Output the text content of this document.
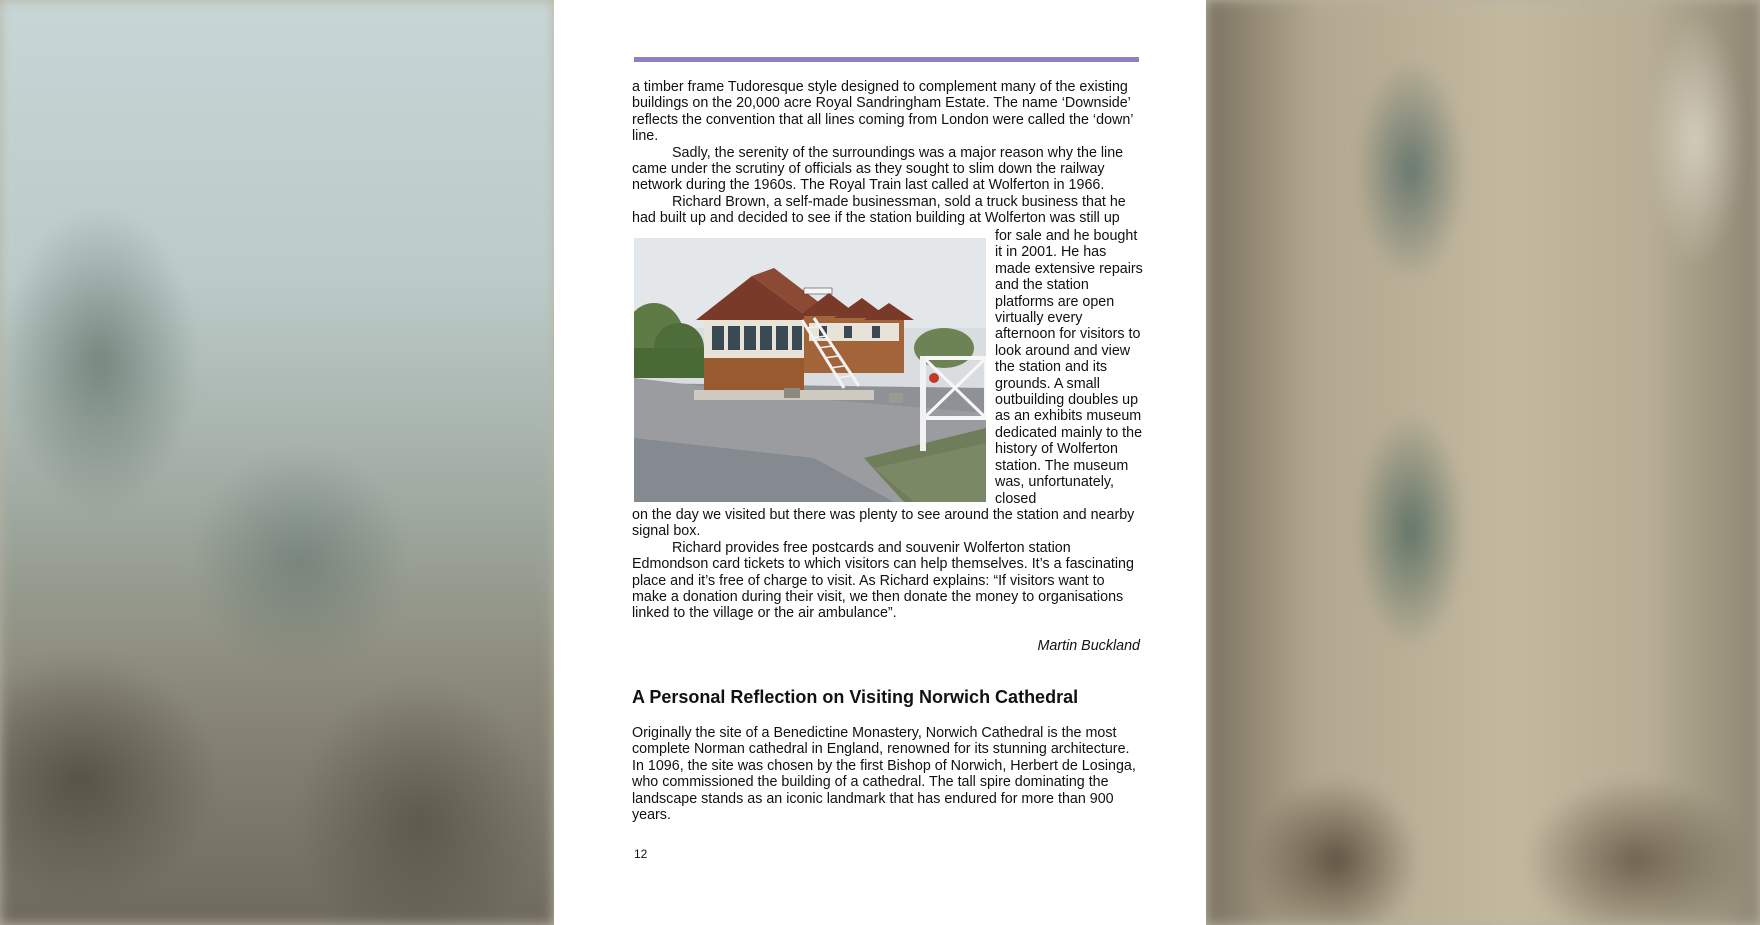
a timber frame Tudoresque style designed to complement many of the existing buildings on the 20,000 acre Royal Sandringham Estate. The name ‘Downside’ reflects the convention that all lines coming from London were called the ‘down’ line.

Sadly, the serenity of the surroundings was a major reason why the line came under the scrutiny of officials as they sought to slim down the railway network during the 1960s. The Royal Train last called at Wolferton in 1966.

Richard Brown, a self-made businessman, sold a truck business that he had built up and decided to see if the station building at Wolferton was still up

for sale and he bought it in 2001. He has made extensive repairs and the station platforms are open virtually every afternoon for visitors to look around and view the station and its grounds. A small outbuilding doubles up as an exhibits museum dedicated mainly to the history of Wolferton station. The museum was, unfortunately, closed

on the day we visited but there was plenty to see around the station and nearby signal box.

Richard provides free postcards and souvenir Wolferton station Edmondson card tickets to which visitors can help themselves. It’s a fascinating place and it’s free of charge to visit. As Richard explains: “If visitors want to make a donation during their visit, we then donate the money to organisations linked to the village or the air ambulance”.

Martin Buckland
A Personal Reflection on Visiting Norwich Cathedral

Originally the site of a Benedictine Monastery, Norwich Cathedral is the most complete Norman cathedral in England, renowned for its stunning architecture. In 1096, the site was chosen by the first Bishop of Norwich, Herbert de Losinga, who commissioned the building of a cathedral. The tall spire dominating the landscape stands as an iconic landmark that has endured for more than 900 years.

12
